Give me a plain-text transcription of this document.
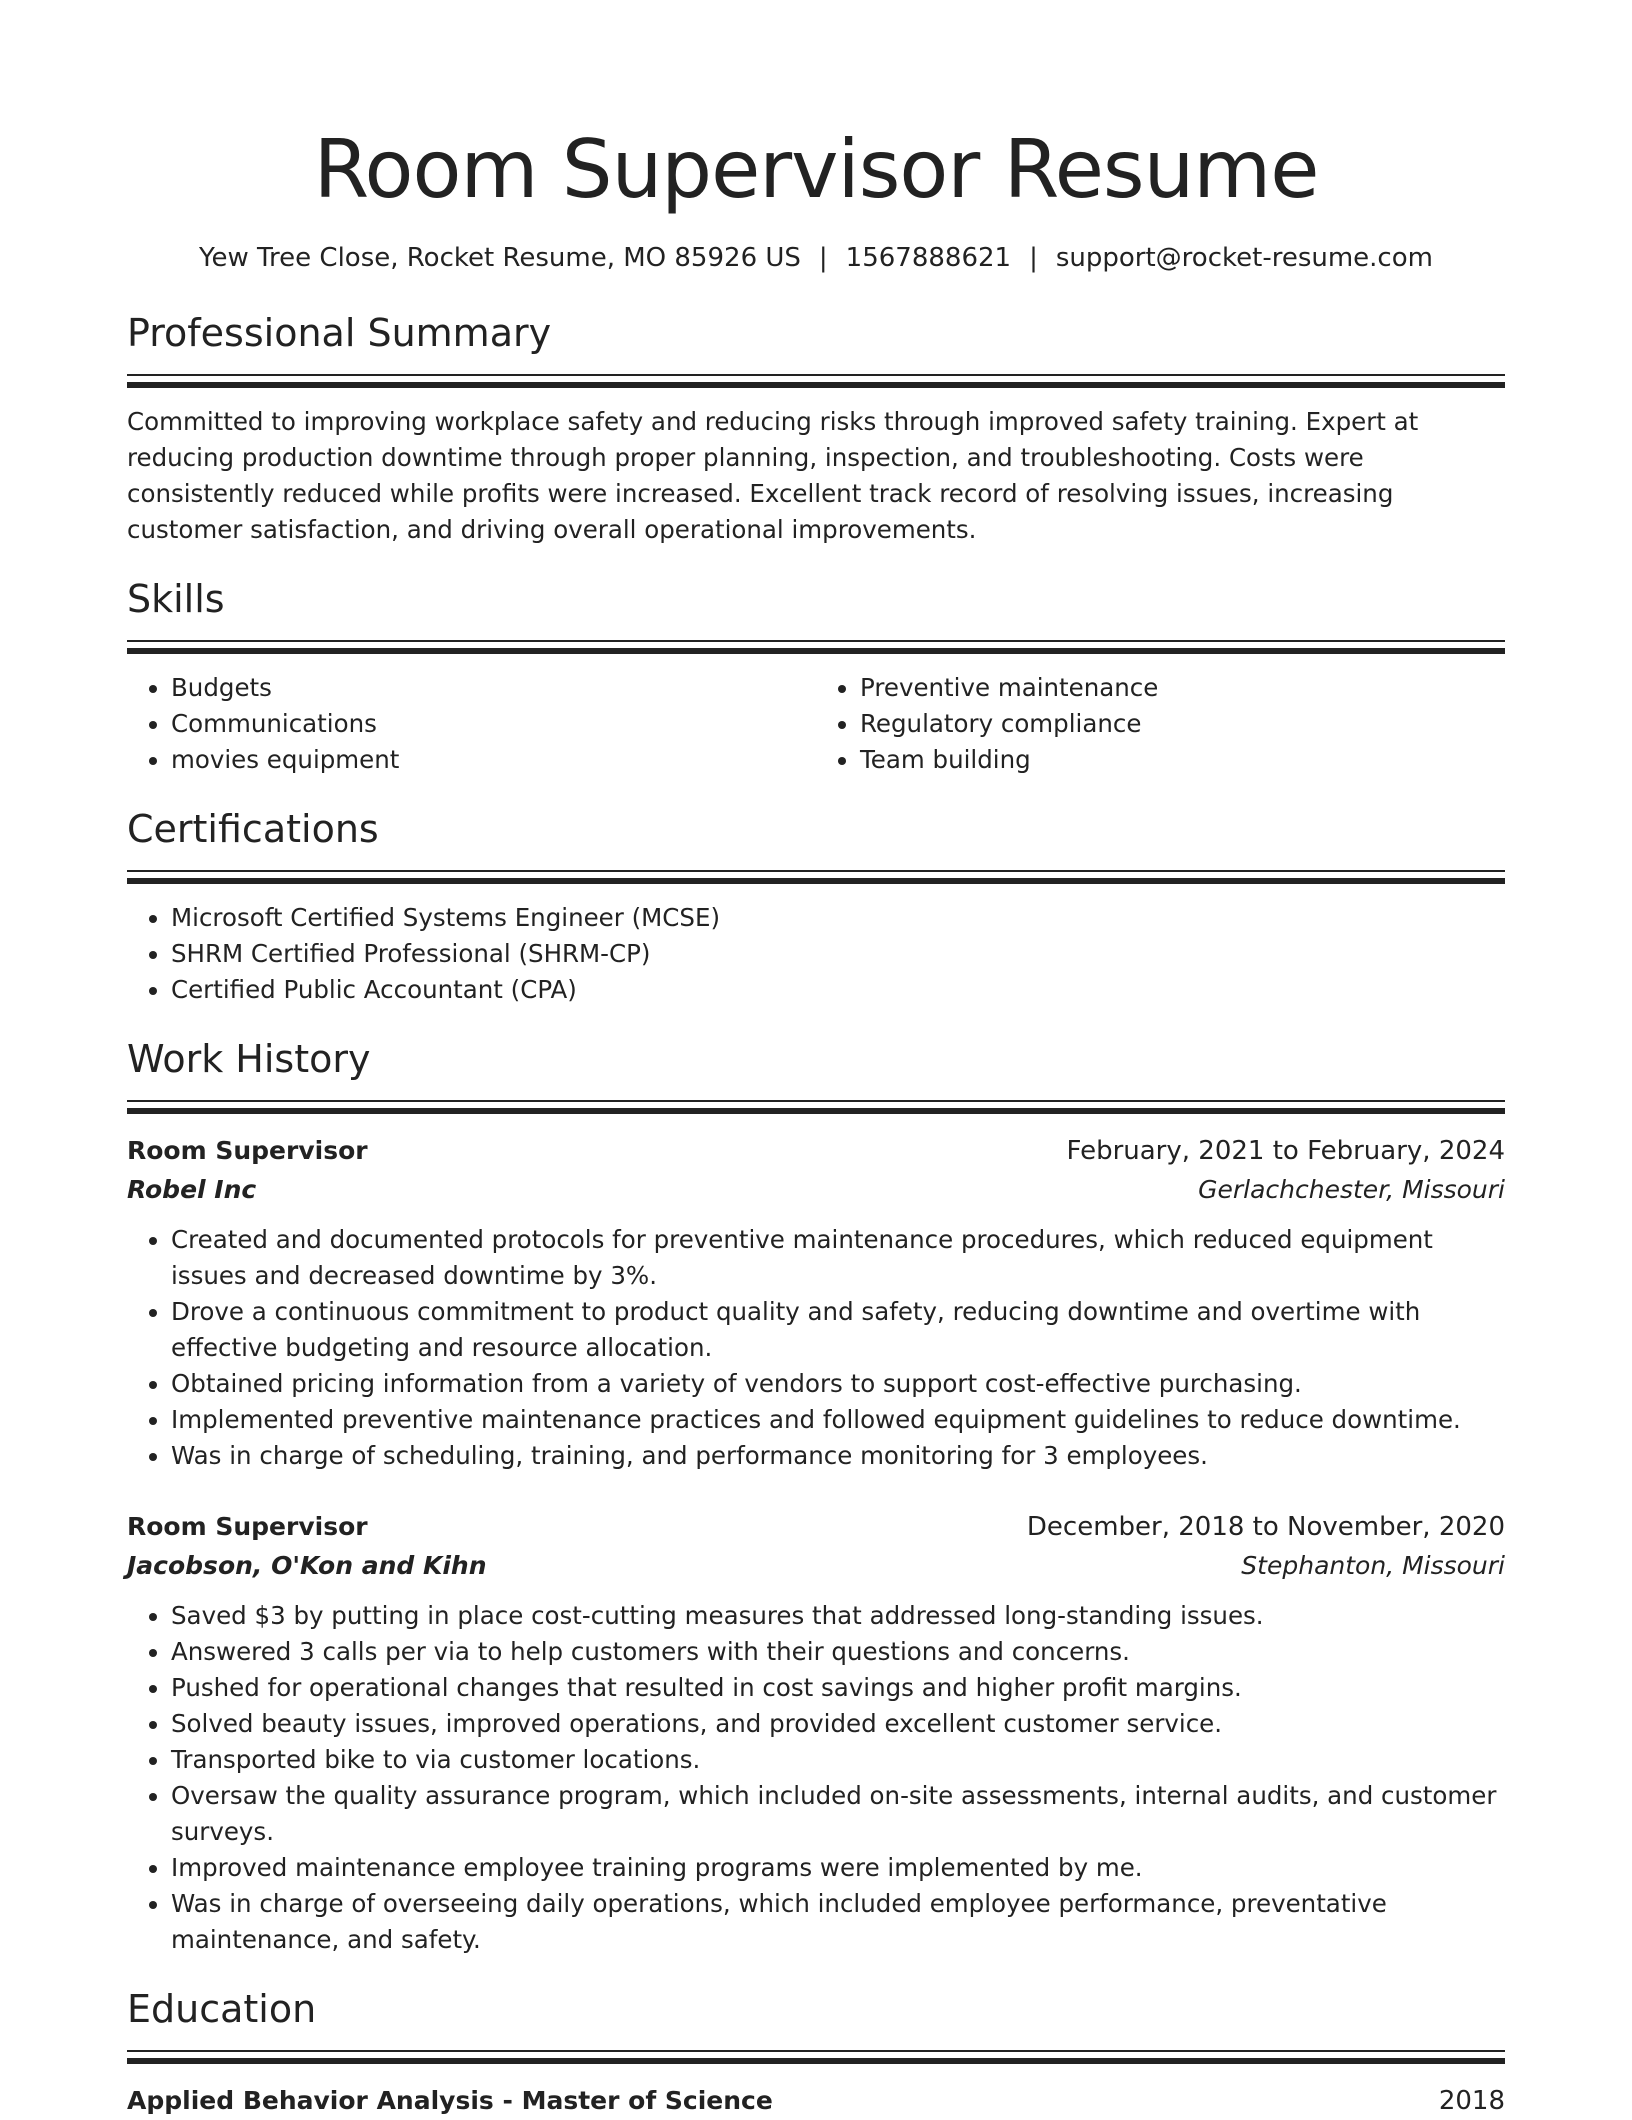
Room Supervisor Resume
Yew Tree Close, Rocket Resume, MO 85926 US | 1567888621 | support@rocket-resume.com
Professional Summary

Committed to improving workplace safety and reducing risks through improved safety training. Expert at reducing production downtime through proper planning, inspection, and troubleshooting. Costs were consistently reduced while profits were increased. Excellent track record of resolving issues, increasing customer satisfaction, and driving overall operational improvements.

Skills
• Budgets
• Communications
• movies equipment
• Preventive maintenance
• Regulatory compliance
• Team building
Certifications
• Microsoft Certified Systems Engineer (MCSE)
• SHRM Certified Professional (SHRM-CP)
• Certified Public Accountant (CPA)
Work History
Room Supervisor	February, 2021 to February, 2024
Robel Inc	Gerlachchester, Missouri
• Created and documented protocols for preventive maintenance procedures, which reduced equipment issues and decreased downtime by 3%.
• Drove a continuous commitment to product quality and safety, reducing downtime and overtime with effective budgeting and resource allocation.
• Obtained pricing information from a variety of vendors to support cost-effective purchasing.
• Implemented preventive maintenance practices and followed equipment guidelines to reduce downtime.
• Was in charge of scheduling, training, and performance monitoring for 3 employees.
Room Supervisor	December, 2018 to November, 2020
Jacobson, O'Kon and Kihn	Stephanton, Missouri
• Saved $3 by putting in place cost-cutting measures that addressed long-standing issues.
• Answered 3 calls per via to help customers with their questions and concerns.
• Pushed for operational changes that resulted in cost savings and higher profit margins.
• Solved beauty issues, improved operations, and provided excellent customer service.
• Transported bike to via customer locations.
• Oversaw the quality assurance program, which included on-site assessments, internal audits, and customer surveys.
• Improved maintenance employee training programs were implemented by me.
• Was in charge of overseeing daily operations, which included employee performance, preventative maintenance, and safety.
Education
Applied Behavior Analysis - Master of Science	2018
